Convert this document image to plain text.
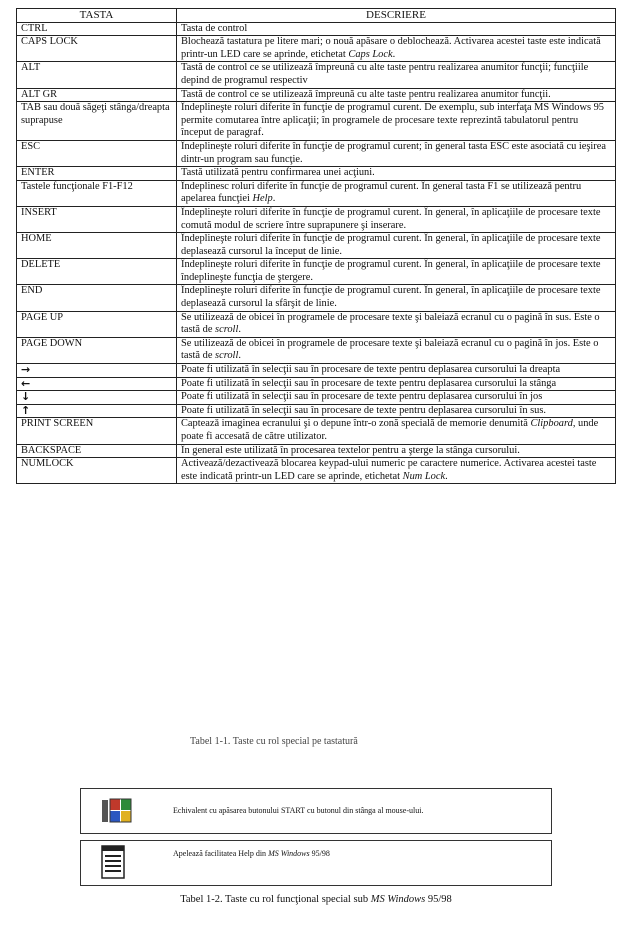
TASTA	DESCRIERE
CTRL	Tasta de control
CAPS LOCK	Blochează tastatura pe litere mari; o nouă apăsare o deblochează. Activarea acestei taste este indicată printr-un LED care se aprinde, etichetat Caps Lock.
ALT	Tastă de control ce se utilizează împreună cu alte taste pentru realizarea anumitor funcţii; funcţiile depind de programul respectiv
ALT GR	Tastă de control ce se utilizează împreună cu alte taste pentru realizarea anumitor funcţii.
TAB sau două săgeţi stânga/dreapta suprapuse	Îndeplineşte roluri diferite în funcţie de programul curent. De exemplu, sub interfaţa MS Windows 95 permite comutarea între aplicaţii; în programele de procesare texte reprezintă tabulatorul pentru început de paragraf.
ESC	Îndeplineşte roluri diferite în funcţie de programul curent; în general tasta ESC este asociată cu ieşirea dintr-un program sau funcţie.
ENTER	Tastă utilizată pentru confirmarea unei acţiuni.
Tastele funcţionale F1-F12	Îndeplinesc roluri diferite în funcţie de programul curent. În general tasta F1 se utilizează pentru apelarea funcţiei Help.
INSERT	Îndeplineşte roluri diferite în funcţie de programul curent. În general, în aplicaţiile de procesare texte comută modul de scriere între suprapunere şi inserare.
HOME	Îndeplineşte roluri diferite în funcţie de programul curent. În general, în aplicaţiile de procesare texte deplasează cursorul la început de linie.
DELETE	Îndeplineşte roluri diferite în funcţie de programul curent. În general, în aplicaţiile de procesare texte îndeplineşte funcţia de ştergere.
END	Îndeplineşte roluri diferite în funcţie de programul curent. În general, în aplicaţiile de procesare texte deplasează cursorul la sfârşit de linie.
PAGE UP	Se utilizează de obicei în programele de procesare texte şi baleiază ecranul cu o pagină în sus. Este o tastă de scroll.
PAGE DOWN	Se utilizează de obicei în programele de procesare texte şi baleiază ecranul cu o pagină în jos. Este o tastă de scroll.
→	Poate fi utilizată în selecţii sau în procesare de texte pentru deplasarea cursorului la dreapta
←	Poate fi utilizată în selecţii sau în procesare de texte pentru deplasarea cursorului la stânga
↓	Poate fi utilizată în selecţii sau în procesare de texte pentru deplasarea cursorului în jos
↑	Poate fi utilizată în selecţii sau în procesare de texte pentru deplasarea cursorului în sus.
PRINT SCREEN	Capteazǎ imaginea ecranului şi o depune într-o zonă specială de memorie denumită Clipboard, unde poate fi accesată de către utilizator.
BACKSPACE	În general este utilizată în procesarea textelor pentru a şterge la stânga cursorului.
NUMLOCK	Activează/dezactivează blocarea keypad-ului numeric pe caractere numerice. Activarea acestei taste este indicată printr-un LED care se aprinde, etichetat Num Lock.
Tabel 1-1. Taste cu rol special pe tastatură
Echivalent cu apăsarea butonului START cu butonul din stânga al mouse-ului.
Apelează facilitatea Help din MS Windows 95/98
Tabel 1-2. Taste cu rol funcţional special sub MS Windows 95/98
